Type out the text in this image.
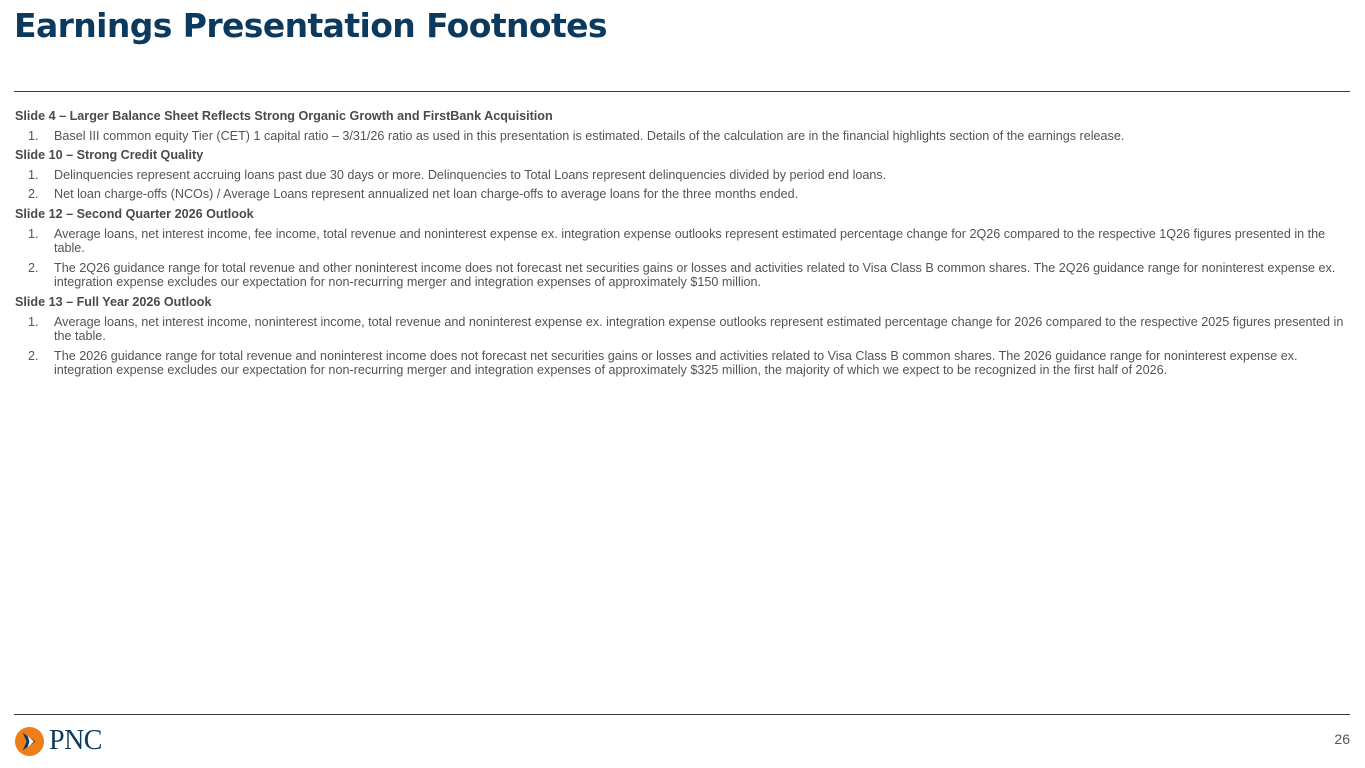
Earnings Presentation Footnotes
Slide 4 – Larger Balance Sheet Reflects Strong Organic Growth and FirstBank Acquisition
1. Basel III common equity Tier (CET) 1 capital ratio – 3/31/26 ratio as used in this presentation is estimated. Details of the calculation are in the financial highlights section of the earnings release.
Slide 10 – Strong Credit Quality
1. Delinquencies represent accruing loans past due 30 days or more. Delinquencies to Total Loans represent delinquencies divided by period end loans.
2. Net loan charge-offs (NCOs) / Average Loans represent annualized net loan charge-offs to average loans for the three months ended.
Slide 12 – Second Quarter 2026 Outlook
1. Average loans, net interest income, fee income, total revenue and noninterest expense ex. integration expense outlooks represent estimated percentage change for 2Q26 compared to the respective 1Q26 figures presented in the table.
2. The 2Q26 guidance range for total revenue and other noninterest income does not forecast net securities gains or losses and activities related to Visa Class B common shares. The 2Q26 guidance range for noninterest expense ex. integration expense excludes our expectation for non-recurring merger and integration expenses of approximately $150 million.
Slide 13 – Full Year 2026 Outlook
1. Average loans, net interest income, noninterest income, total revenue and noninterest expense ex. integration expense outlooks represent estimated percentage change for 2026 compared to the respective 2025 figures presented in the table.
2. The 2026 guidance range for total revenue and noninterest income does not forecast net securities gains or losses and activities related to Visa Class B common shares. The 2026 guidance range for noninterest expense ex. integration expense excludes our expectation for non-recurring merger and integration expenses of approximately $325 million, the majority of which we expect to be recognized in the first half of 2026.
PNC	26
